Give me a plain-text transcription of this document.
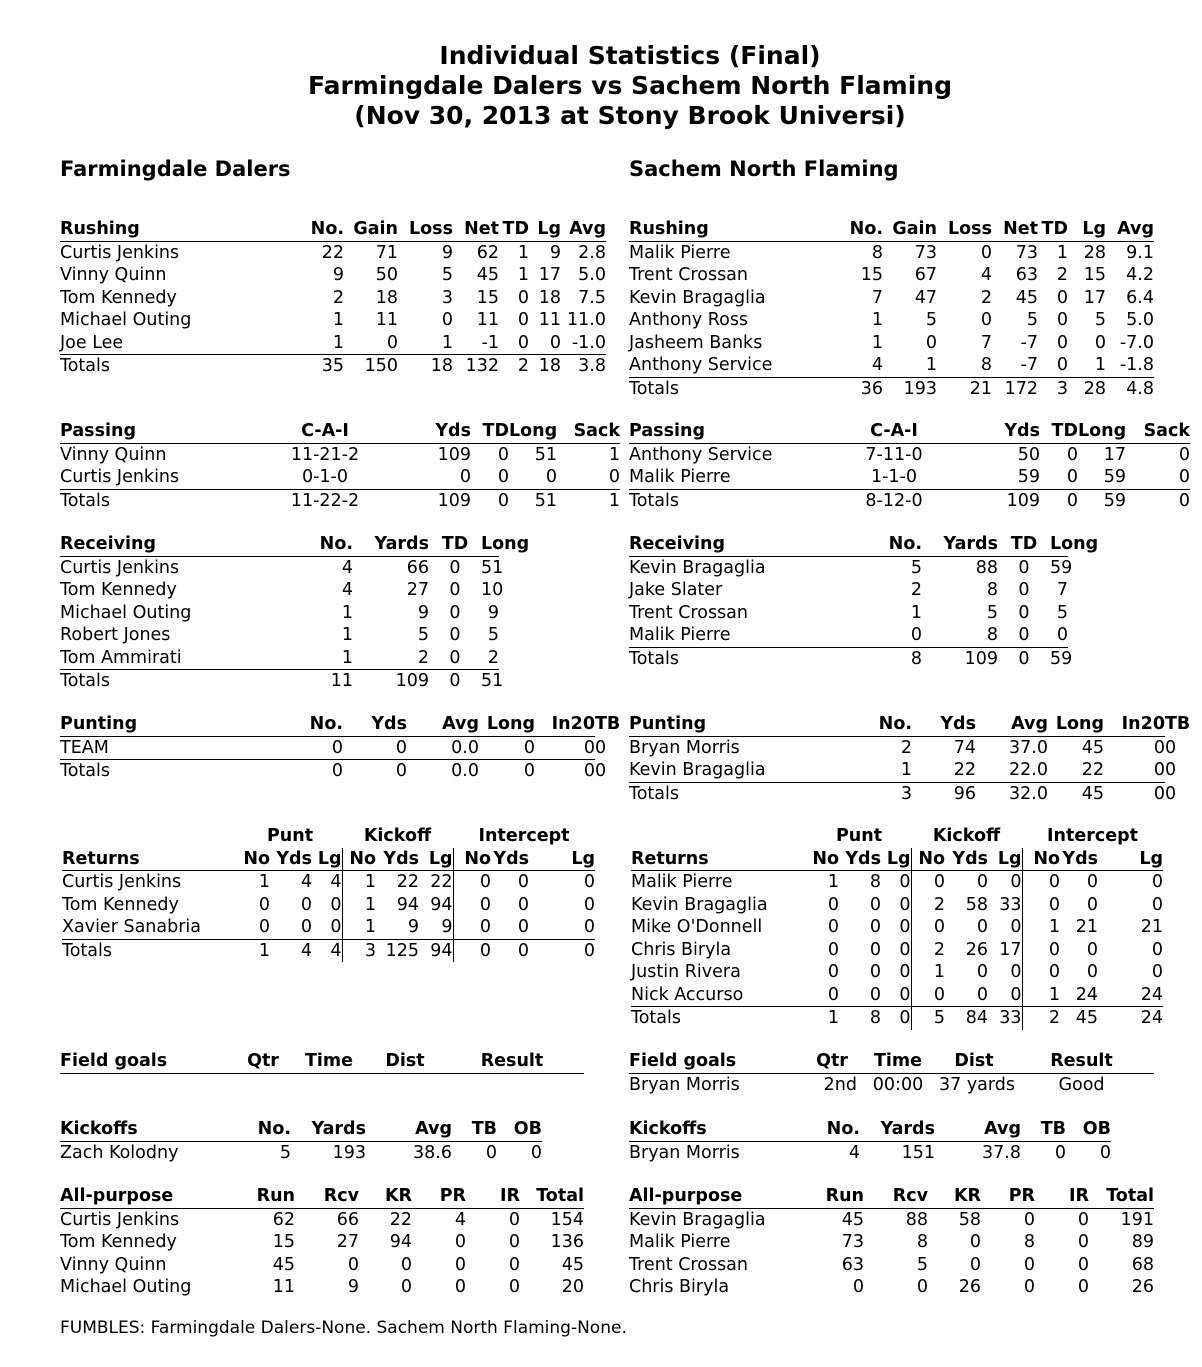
Individual Statistics (Final)
Farmingdale Dalers vs Sachem North Flaming
(Nov 30, 2013 at Stony Brook Universi)
Farmingdale Dalers	Sachem North Flaming
Rushing	No.	Gain	Loss	Net	TD	Lg	Avg
Curtis Jenkins	22	71	9	62	1	9	2.8
Vinny Quinn	9	50	5	45	1	17	5.0
Tom Kennedy	2	18	3	15	0	18	7.5
Michael Outing	1	11	0	11	0	11	11.0
Joe Lee	1	0	1	-1	0	0	-1.0
Totals	35	150	18	132	2	18	3.8
Passing	C-A-I	Yds	TD	Long	Sack
Vinny Quinn	11-21-2	109	0	51	1
Curtis Jenkins	0-1-0	0	0	0	0
Totals	11-22-2	109	0	51	1
Receiving	No.	Yards	TD	Long
Curtis Jenkins	4	66	0	51
Tom Kennedy	4	27	0	10
Michael Outing	1	9	0	9
Robert Jones	1	5	0	5
Tom Ammirati	1	2	0	2
Totals	11	109	0	51
Punting	No.	Yds	Avg	Long	In20	TB
TEAM	0	0	0.0	0	0	0
Totals	0	0	0.0	0	0	0
	Punt			Kickoff			Intercept		
Returns	No	Yds	Lg	No	Yds	Lg	No	Yds	Lg
Curtis Jenkins	1	4	4	1	22	22	0	0	0
Tom Kennedy	0	0	0	1	94	94	0	0	0
Xavier Sanabria	0	0	0	1	9	9	0	0	0
Totals	1	4	4	3	125	94	0	0	0
Field goals	Qtr	Time	Dist	Result
Kickoffs	No.	Yards	Avg	TB	OB
Zach Kolodny	5	193	38.6	0	0
All-purpose	Run	Rcv	KR	PR	IR	Total
Curtis Jenkins	62	66	22	4	0	154
Tom Kennedy	15	27	94	0	0	136
Vinny Quinn	45	0	0	0	0	45
Michael Outing	11	9	0	0	0	20
Rushing	No.	Gain	Loss	Net	TD	Lg	Avg
Malik Pierre	8	73	0	73	1	28	9.1
Trent Crossan	15	67	4	63	2	15	4.2
Kevin Bragaglia	7	47	2	45	0	17	6.4
Anthony Ross	1	5	0	5	0	5	5.0
Jasheem Banks	1	0	7	-7	0	0	-7.0
Anthony Service	4	1	8	-7	0	1	-1.8
Totals	36	193	21	172	3	28	4.8
Passing	C-A-I	Yds	TD	Long	Sack
Anthony Service	7-11-0	50	0	17	0
Malik Pierre	1-1-0	59	0	59	0
Totals	8-12-0	109	0	59	0
Receiving	No.	Yards	TD	Long
Kevin Bragaglia	5	88	0	59
Jake Slater	2	8	0	7
Trent Crossan	1	5	0	5
Malik Pierre	0	8	0	0
Totals	8	109	0	59
Punting	No.	Yds	Avg	Long	In20	TB
Bryan Morris	2	74	37.0	45	0	0
Kevin Bragaglia	1	22	22.0	22	0	0
Totals	3	96	32.0	45	0	0
	Punt			Kickoff			Intercept		
Returns	No	Yds	Lg	No	Yds	Lg	No	Yds	Lg
Malik Pierre	1	8	0	0	0	0	0	0	0
Kevin Bragaglia	0	0	0	2	58	33	0	0	0
Mike O'Donnell	0	0	0	0	0	0	1	21	21
Chris Biryla	0	0	0	2	26	17	0	0	0
Justin Rivera	0	0	0	1	0	0	0	0	0
Nick Accurso	0	0	0	0	0	0	1	24	24
Totals	1	8	0	5	84	33	2	45	24
Field goals	Qtr	Time	Dist	Result
Bryan Morris	2nd	00:00	37 yards	Good
Kickoffs	No.	Yards	Avg	TB	OB
Bryan Morris	4	151	37.8	0	0
All-purpose	Run	Rcv	KR	PR	IR	Total
Kevin Bragaglia	45	88	58	0	0	191
Malik Pierre	73	8	0	8	0	89
Trent Crossan	63	5	0	0	0	68
Chris Biryla	0	0	26	0	0	26
FUMBLES: Farmingdale Dalers-None. Sachem North Flaming-None.
